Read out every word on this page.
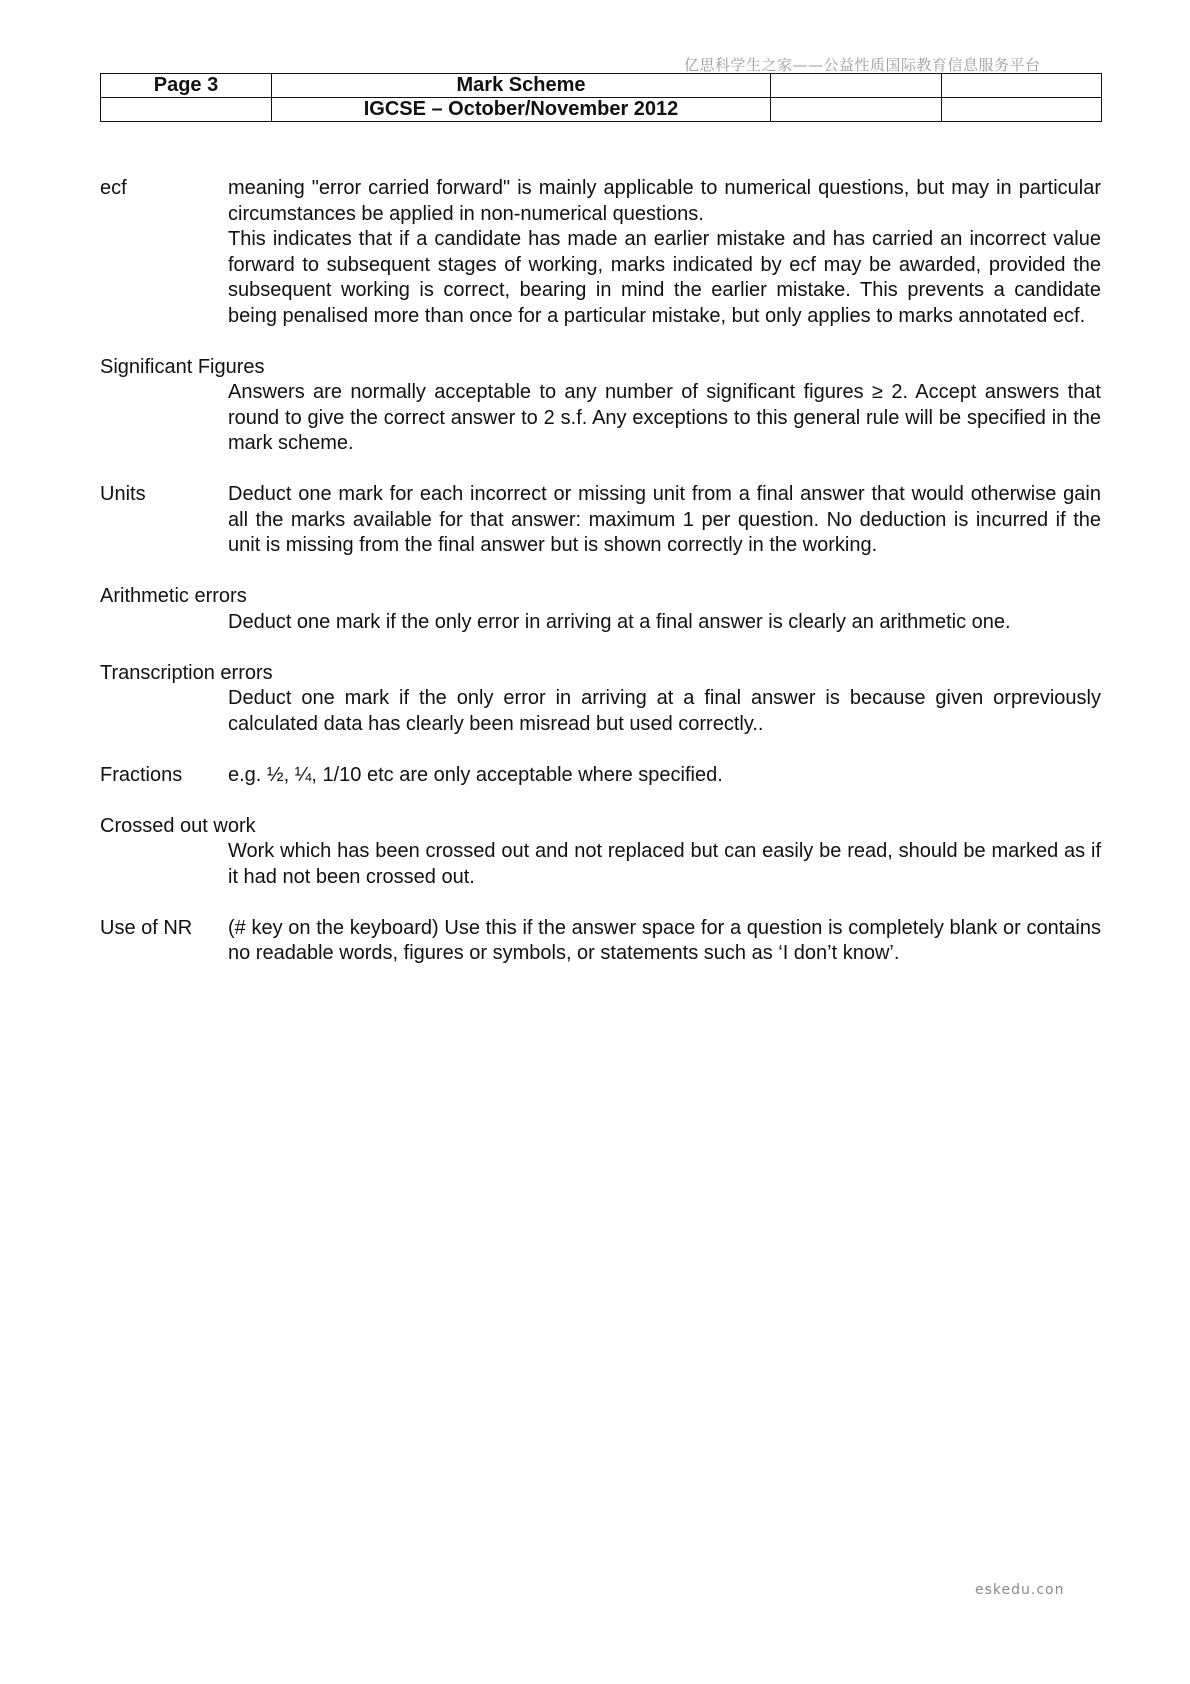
亿思科学生之家——公益性质国际教育信息服务平台
Page 3	Mark Scheme		
	IGCSE – October/November 2012		
ecf	meaning "error carried forward" is mainly applicable to numerical questions, but may in particular circumstances be applied in non-numerical questions.

This indicates that if a candidate has made an earlier mistake and has carried an incorrect value forward to subsequent stages of working, marks indicated by ecf may be awarded, provided the subsequent working is correct, bearing in mind the earlier mistake. This prevents a candidate being penalised more than once for a particular mistake, but only applies to marks annotated ecf.

Significant Figures
Answers are normally acceptable to any number of significant figures ≥ 2. Accept answers that round to give the correct answer to 2 s.f. Any exceptions to this general rule will be specified in the mark scheme.
Units	Deduct one mark for each incorrect or missing unit from a final answer that would otherwise gain all the marks available for that answer: maximum 1 per question. No deduction is incurred if the unit is missing from the final answer but is shown correctly in the working.
Arithmetic errors
Deduct one mark if the only error in arriving at a final answer is clearly an arithmetic one.
Transcription errors
Deduct one mark if the only error in arriving at a final answer is because given orpreviously calculated data has clearly been misread but used correctly..
Fractions	e.g. ½, ¼, 1/10 etc are only acceptable where specified.
Crossed out work
Work which has been crossed out and not replaced but can easily be read, should be marked as if it had not been crossed out.
Use of NR	(# key on the keyboard) Use this if the answer space for a question is completely blank or contains no readable words, figures or symbols, or statements such as ‘I don’t know’.
eskedu.con
